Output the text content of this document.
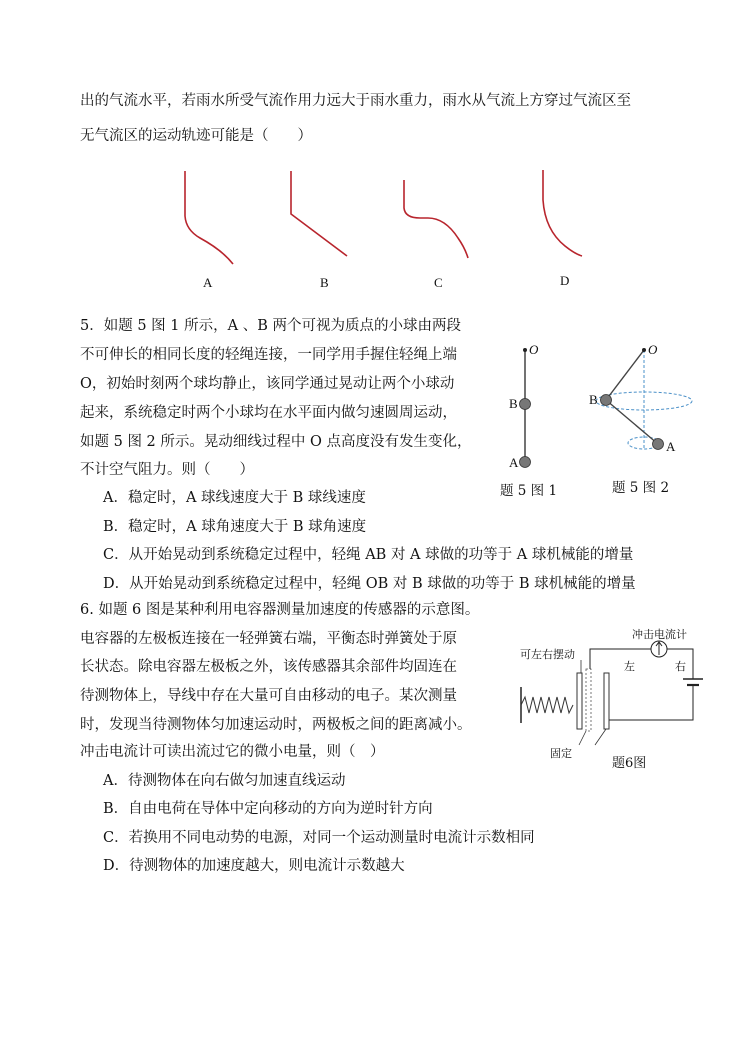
出的气流水平，若雨水所受气流作用力远大于雨水重力，雨水从气流上方穿过气流区至
无气流区的运动轨迹可能是（　　）
A	B	C	D
5．如题 5 图 1 所示，A 、B 两个可视为质点的小球由两段
不可伸长的相同长度的轻绳连接，一同学用手握住轻绳上端
O，初始时刻两个球均静止，该同学通过晃动让两个小球动
起来，系统稳定时两个小球均在水平面内做匀速圆周运动，
如题 5 图 2 所示。晃动细线过程中 O 点高度没有发生变化，
不计空气阻力。则（　　）
A．稳定时，A 球线速度大于 B 球线速度
B．稳定时，A 球角速度大于 B 球角速度
C．从开始晃动到系统稳定过程中，轻绳 AB 对 A 球做的功等于 A 球机械能的增量
D．从开始晃动到系统稳定过程中，轻绳 OB 对 B 球做的功等于 B 球机械能的增量
O
B
A
题 5 图 1
O
B
A
题 5 图 2
6. 如题 6 图是某种利用电容器测量加速度的传感器的示意图。
电容器的左极板连接在一轻弹簧右端，平衡态时弹簧处于原
长状态。除电容器左极板之外，该传感器其余部件均固连在
待测物体上，导线中存在大量可自由移动的电子。某次测量
时，发现当待测物体匀加速运动时，两极板之间的距离减小。
冲击电流计可读出流过它的微小电量，则（　）
A．待测物体在向右做匀加速直线运动
B．自由电荷在导体中定向移动的方向为逆时针方向
C．若换用不同电动势的电源，对同一个运动测量时电流计示数相同
D．待测物体的加速度越大，则电流计示数越大
冲击电流计
可左右摆动
左	右
固定
题6图
